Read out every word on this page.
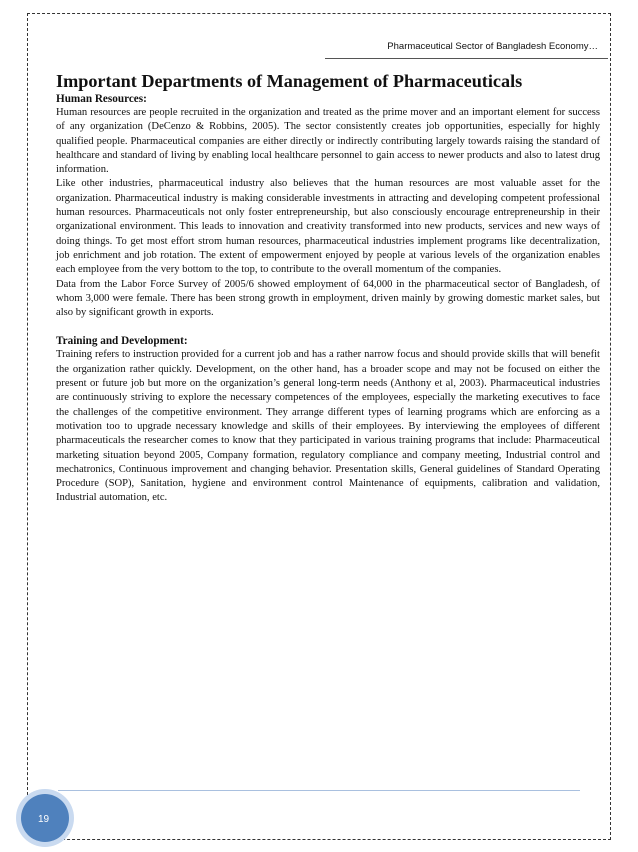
Pharmaceutical Sector of Bangladesh Economy…
Important Departments of Management of Pharmaceuticals
Human Resources:

Human resources are people recruited in the organization and treated as the prime mover and an important element for success of any organization (DeCenzo & Robbins, 2005). The sector consistently creates job opportunities, especially for highly qualified people. Pharmaceutical companies are either directly or indirectly contributing largely towards raising the standard of healthcare and standard of living by enabling local healthcare personnel to gain access to newer products and also to latest drug information.

Like other industries, pharmaceutical industry also believes that the human resources are most valuable asset for the organization. Pharmaceutical industry is making considerable investments in attracting and developing competent professional human resources. Pharmaceuticals not only foster entrepreneurship, but also consciously encourage entrepreneurship in their organizational environment. This leads to innovation and creativity transformed into new products, services and new ways of doing things. To get most effort strom human resources, pharmaceutical industries implement programs like decentralization, job enrichment and job rotation. The extent of empowerment enjoyed by people at various levels of the organization enables each employee from the very bottom to the top, to contribute to the overall momentum of the companies.

Data from the Labor Force Survey of 2005/6 showed employment of 64,000 in the pharmaceutical sector of Bangladesh, of whom 3,000 were female. There has been strong growth in employment, driven mainly by growing domestic market sales, but also by significant growth in exports.

Training and Development:

Training refers to instruction provided for a current job and has a rather narrow focus and should provide skills that will benefit the organization rather quickly. Development, on the other hand, has a broader scope and may not be focused on either the present or future job but more on the organization’s general long-term needs (Anthony et al, 2003). Pharmaceutical industries are continuously striving to explore the necessary competences of the employees, especially the marketing executives to face the challenges of the competitive environment. They arrange different types of learning programs which are enforcing as a motivation too to upgrade necessary knowledge and skills of their employees. By interviewing the employees of different pharmaceuticals the researcher comes to know that they participated in various training programs that include: Pharmaceutical marketing situation beyond 2005, Company formation, regulatory compliance and company meeting, Industrial control and mechatronics, Continuous improvement and changing behavior. Presentation skills, General guidelines of Standard Operating Procedure (SOP), Sanitation, hygiene and environment control Maintenance of equipments, calibration and validation, Industrial automation, etc.

19
